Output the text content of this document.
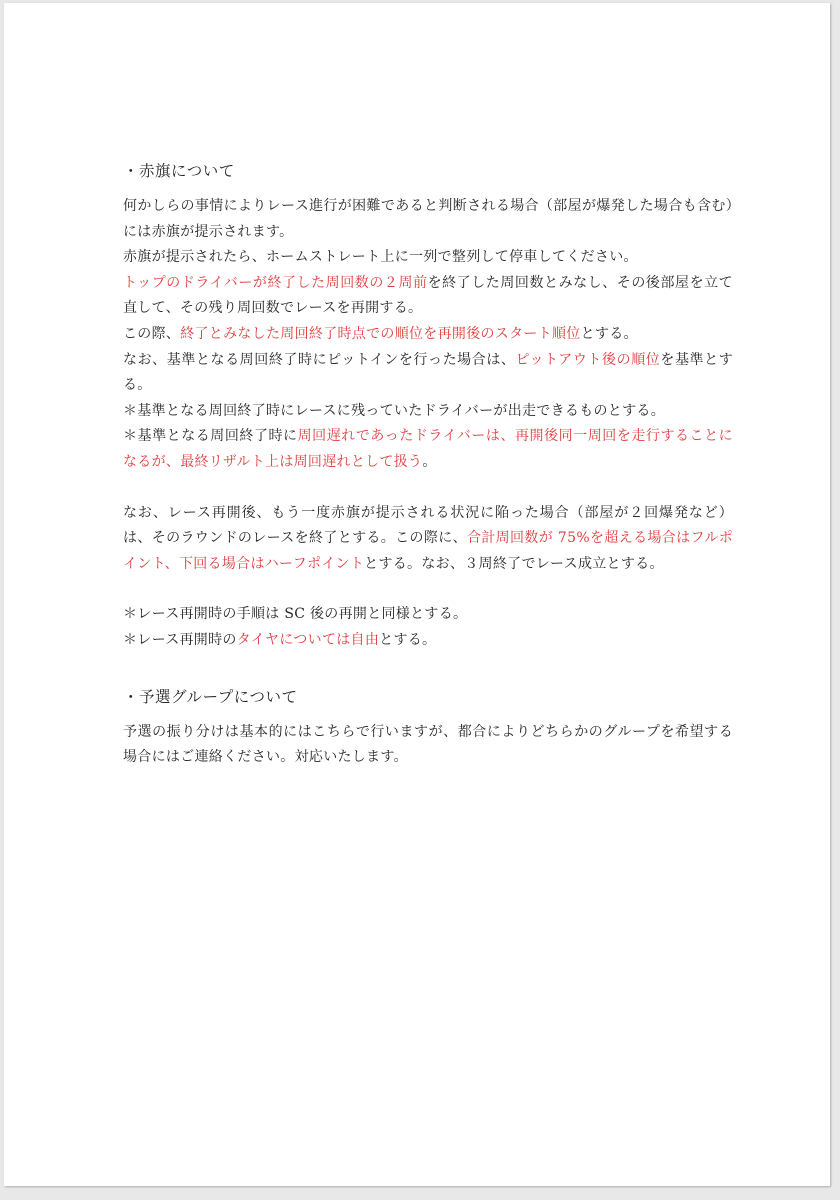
・赤旗について

何かしらの事情によりレース進行が困難であると判断される場合（部屋が爆発した場合も含む）には赤旗が提示されます。

赤旗が提示されたら、ホームストレート上に一列で整列して停車してください。

トップのドライバーが終了した周回数の２周前を終了した周回数とみなし、その後部屋を立て直して、その残り周回数でレースを再開する。

この際、終了とみなした周回終了時点での順位を再開後のスタート順位とする。

なお、基準となる周回終了時にピットインを行った場合は、ピットアウト後の順位を基準とする。

＊基準となる周回終了時にレースに残っていたドライバーが出走できるものとする。

＊基準となる周回終了時に周回遅れであったドライバーは、再開後同一周回を走行することになるが、最終リザルト上は周回遅れとして扱う。

なお、レース再開後、もう一度赤旗が提示される状況に陥った場合（部屋が２回爆発など）は、そのラウンドのレースを終了とする。この際に、合計周回数が 75%を超える場合はフルポイント、下回る場合はハーフポイントとする。なお、３周終了でレース成立とする。

＊レース再開時の手順は SC 後の再開と同様とする。

＊レース再開時のタイヤについては自由とする。

・予選グループについて

予選の振り分けは基本的にはこちらで行いますが、都合によりどちらかのグループを希望する場合にはご連絡ください。対応いたします。
